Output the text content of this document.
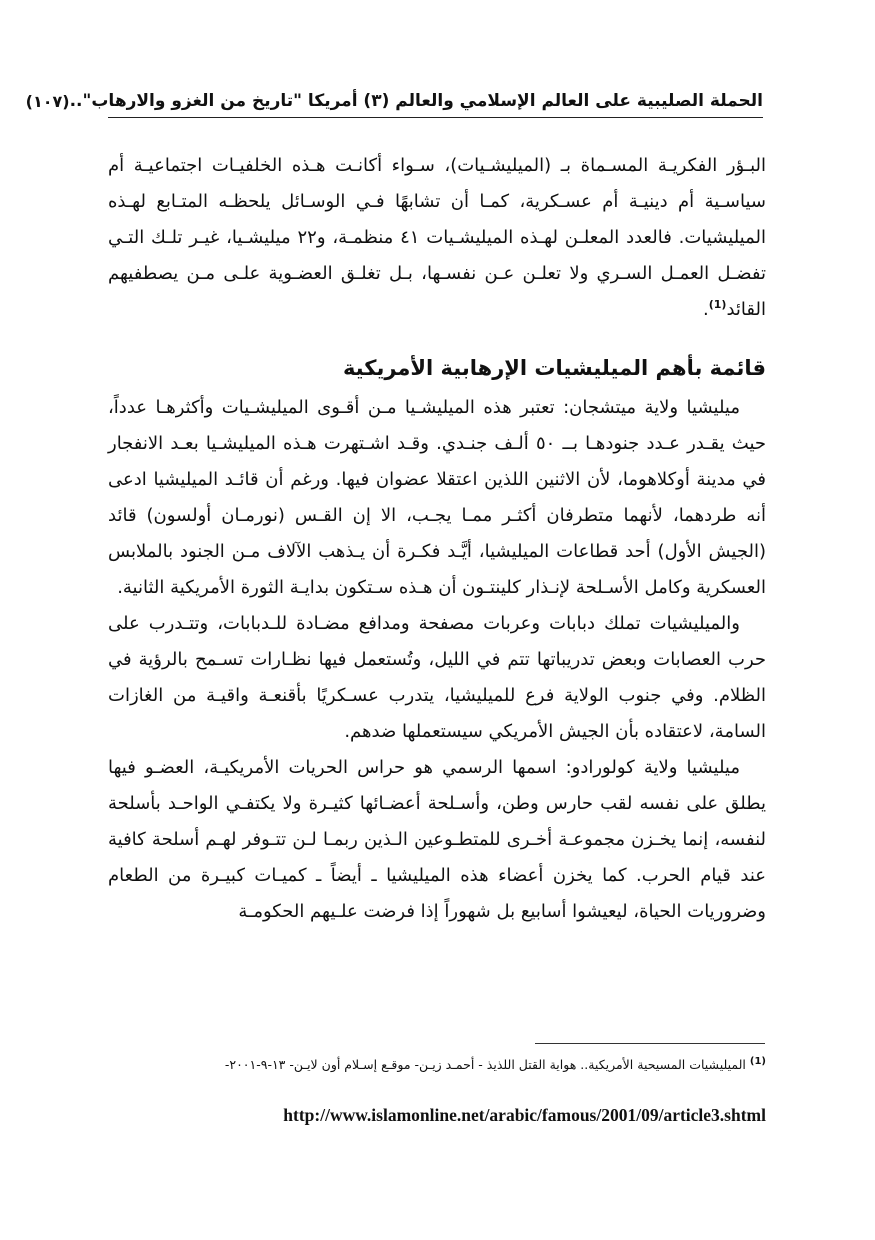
الحملة الصليبية على العالم الإسلامي والعالم (٣) أمريكا "تاريخ من الغزو والارهاب"..
(١٠٧)

البـؤر الفكريـة المسـماة بـ (الميليشـيات)، سـواء أكانـت هـذه الخلفيـات اجتماعيـة أم سياسـية أم دينيـة أم عسـكرية، كمـا أن تشابهًا فـي الوسـائل يلحظـه المتـابع لهـذه الميليشيات. فالعدد المعلـن لهـذه الميليشـيات ٤١ منظمـة، و٢٢ ميليشـيا، غيـر تلـك التـي تفضـل العمـل السـري ولا تعلـن عـن نفسـها، بـل تغلـق العضـوية علـى مـن يصطفيهم القائد$^{(1)}$.

قائمة بأهم الميليشيات الإرهابية الأمريكية

ميليشيا ولاية ميتشجان: تعتبر هذه الميليشـيا مـن أقـوى الميليشـيات وأكثرهـا عدداً، حيث يقـدر عـدد جنودهـا بــ ٥٠ ألـف جنـدي. وقـد اشـتهرت هـذه الميليشـيا بعـد الانفجار في مدينة أوكلاهوما، لأن الاثنين اللذين اعتقلا عضوان فيها. ورغم أن قائـد الميليشيا ادعى أنه طردهما، لأنهما متطرفان أكثـر ممـا يجـب، الا إن القـس (نورمـان أولسون) قائد (الجيش الأول) أحد قطاعات الميليشيا، أيَّـد فكـرة أن يـذهب الآلاف مـن الجنود بالملابس العسكرية وكامل الأسـلحة لإنـذار كلينتـون أن هـذه سـتكون بدايـة الثورة الأمريكية الثانية.

والميليشيات تملك دبابات وعربات مصفحة ومدافع مضـادة للـدبابات، وتتـدرب على حرب العصابات وبعض تدريباتها تتم في الليل، وتُستعمل فيها نظـارات تسـمح بالرؤية في الظلام. وفي جنوب الولاية فرع للميليشيا، يتدرب عسـكريًا بأقنعـة واقيـة من الغازات السامة، لاعتقاده بأن الجيش الأمريكي سيستعملها ضدهم.

ميليشيا ولاية كولورادو: اسمها الرسمي هو حراس الحريات الأمريكيـة، العضـو فيها يطلق على نفسه لقب حارس وطن، وأسـلحة أعضـائها كثيـرة ولا يكتفـي الواحـد بأسلحة لنفسه، إنما يخـزن مجموعـة أخـرى للمتطـوعين الـذين ربمـا لـن تتـوفر لهـم أسلحة كافية عند قيام الحرب. كما يخزن أعضاء هذه الميليشيا ـ أيضاً ـ كميـات كبيـرة من الطعام وضروريات الحياة، ليعيشوا أسابيع بل شهوراً إذا فرضت علـيهم الحكومـة

$^{(1)}$ الميليشيات المسيحية الأمريكية.. هواية القتل اللذيذ - أحمـد زيـن- موقـع إسـلام أون لايـن- ١٣-٩-٢٠٠١-
http://www.islamonline.net/arabic/famous/2001/09/article3.shtml
